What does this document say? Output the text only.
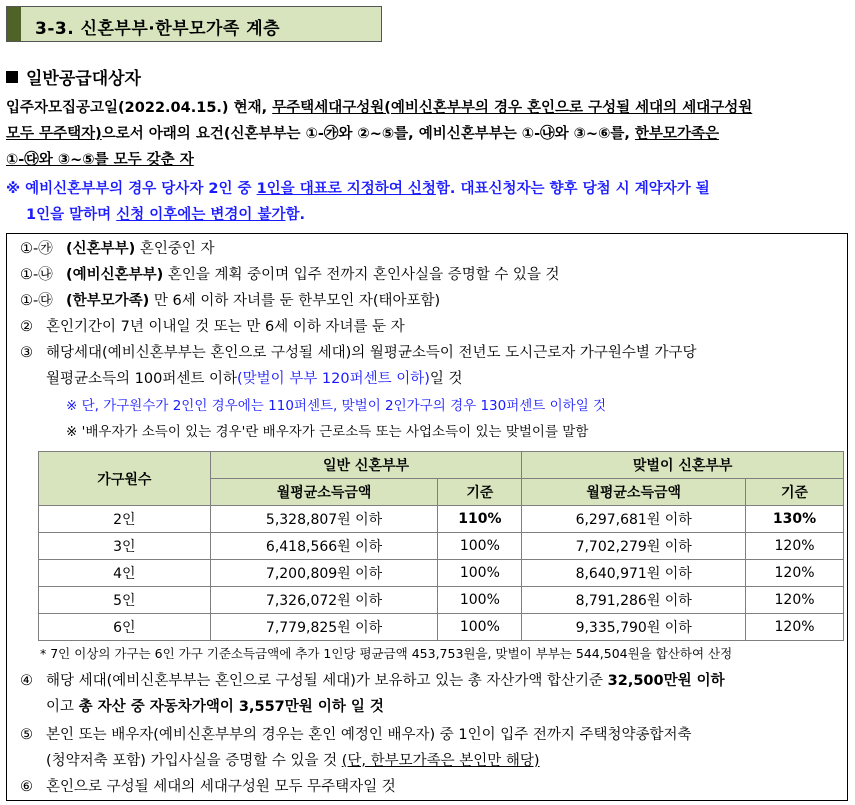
3-3. 신혼부부·한부모가족 계층
일반공급대상자
입주자모집공고일(2022.04.15.) 현재, 무주택세대구성원(예비신혼부부의 경우 혼인으로 구성될 세대의 세대구성원
모두 무주택자)으로서 아래의 요건(신혼부부는 ①-㉮와 ②~⑤를, 예비신혼부부는 ①-㉯와 ③~⑥를, 한부모가족은
①-㉰와 ③~⑤를 모두 갖춘 자
※ 예비신혼부부의 경우 당사자 2인 중 1인을 대표로 지정하여 신청함. 대표신청자는 향후 당첨 시 계약자가 될
1인을 말하며 신청 이후에는 변경이 불가함.
①-㉮ (신혼부부) 혼인중인 자
①-㉯ (예비신혼부부) 혼인을 계획 중이며 입주 전까지 혼인사실을 증명할 수 있을 것
①-㉰ (한부모가족) 만 6세 이하 자녀를 둔 한부모인 자(태아포함)
② 혼인기간이 7년 이내일 것 또는 만 6세 이하 자녀를 둔 자
③ 해당세대(예비신혼부부는 혼인으로 구성될 세대)의 월평균소득이 전년도 도시근로자 가구원수별 가구당
월평균소득의 100퍼센트 이하(맞벌이 부부 120퍼센트 이하)일 것
※ 단, 가구원수가 2인인 경우에는 110퍼센트, 맞벌이 2인가구의 경우 130퍼센트 이하일 것
※ '배우자가 소득이 있는 경우'란 배우자가 근로소득 또는 사업소득이 있는 맞벌이를 말함
가구원수	일반 신혼부부		맞벌이 신혼부부	
	월평균소득금액	기준	월평균소득금액	기준
2인	5,328,807원 이하	110%	6,297,681원 이하	130%
3인	6,418,566원 이하	100%	7,702,279원 이하	120%
4인	7,200,809원 이하	100%	8,640,971원 이하	120%
5인	7,326,072원 이하	100%	8,791,286원 이하	120%
6인	7,779,825원 이하	100%	9,335,790원 이하	120%
* 7인 이상의 가구는 6인 가구 기준소득금액에 추가 1인당 평균금액 453,753원을, 맞벌이 부부는 544,504원을 합산하여 산정
④ 해당 세대(예비신혼부부는 혼인으로 구성될 세대)가 보유하고 있는 총 자산가액 합산기준 32,500만원 이하
이고 총 자산 중 자동차가액이 3,557만원 이하 일 것
⑤ 본인 또는 배우자(예비신혼부부의 경우는 혼인 예정인 배우자) 중 1인이 입주 전까지 주택청약종합저축
(청약저축 포함) 가입사실을 증명할 수 있을 것 (단, 한부모가족은 본인만 해당)
⑥ 혼인으로 구성될 세대의 세대구성원 모두 무주택자일 것
